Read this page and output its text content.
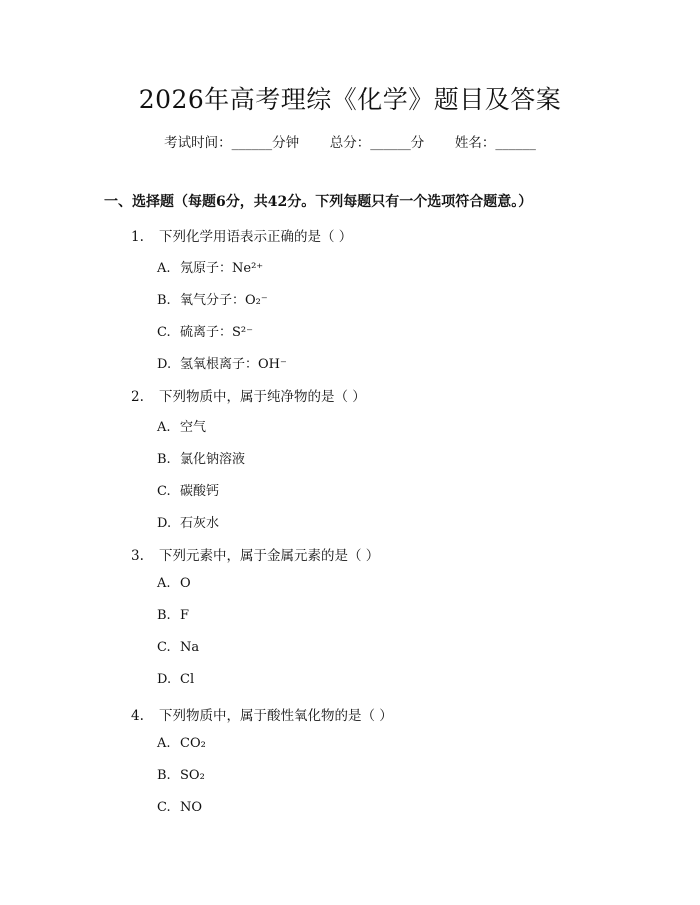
2026年高考理综《化学》题目及答案
考试时间：______分钟 总分：______分 姓名：______
一、选择题（每题6分，共42分。下列每题只有一个选项符合题意。）
1. 下列化学用语表示正确的是（ ）
A. 氖原子：Ne²⁺
B. 氧气分子：O₂⁻
C. 硫离子：S²⁻
D. 氢氧根离子：OH⁻
2. 下列物质中，属于纯净物的是（ ）
A. 空气
B. 氯化钠溶液
C. 碳酸钙
D. 石灰水
3. 下列元素中，属于金属元素的是（ ）
A. O
B. F
C. Na
D. Cl
4. 下列物质中，属于酸性氧化物的是（ ）
A. CO₂
B. SO₂
C. NO
